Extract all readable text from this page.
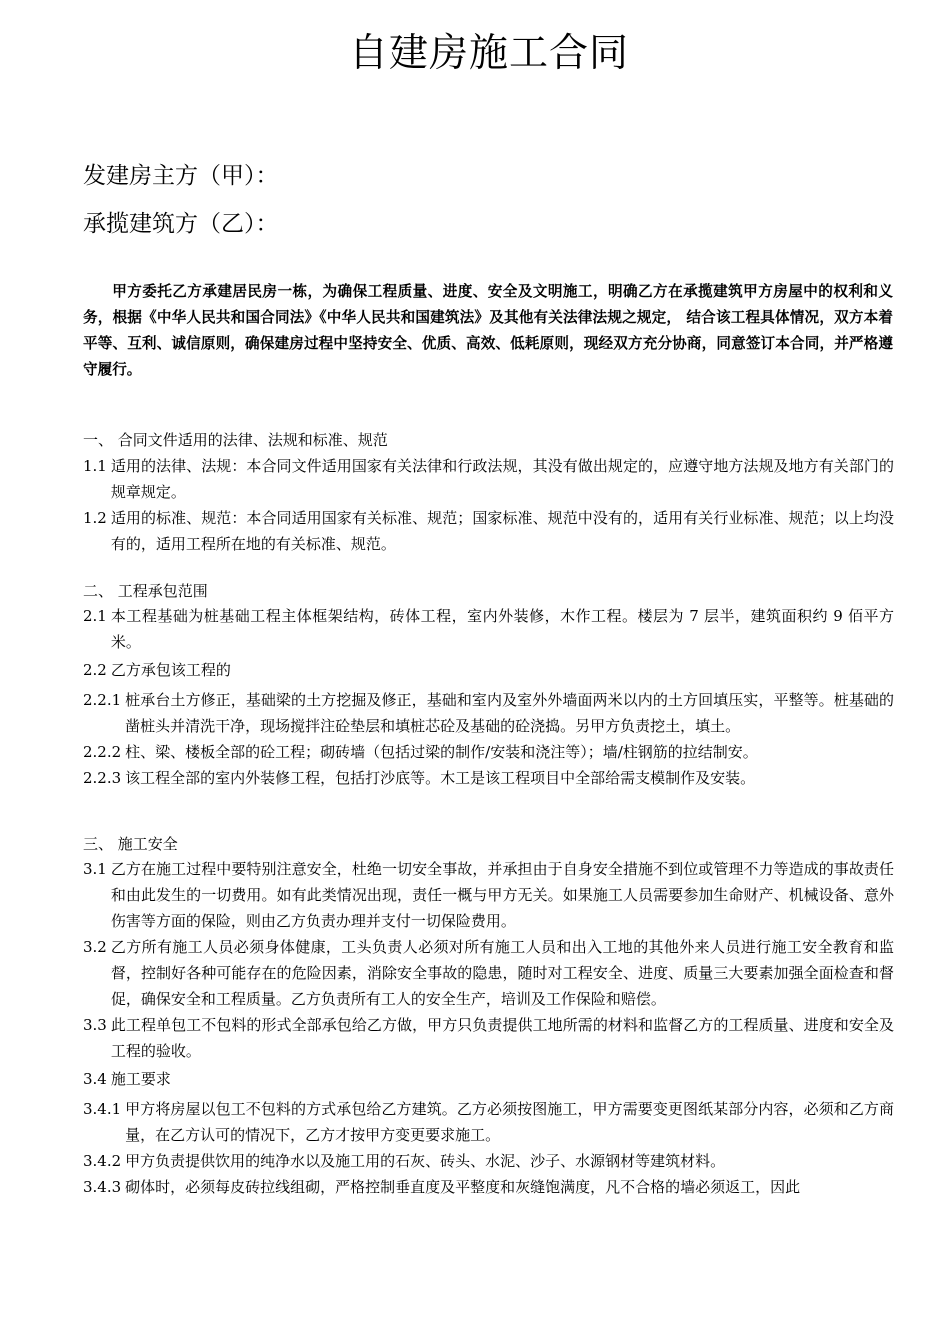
自建房施工合同
发建房主方（甲）：
承揽建筑方（乙）：
甲方委托乙方承建居民房一栋，为确保工程质量、进度、安全及文明施工，明确乙方在承揽建筑甲方房屋中的权利和义务，根据《中华人民共和国合同法》《中华人民共和国建筑法》及其他有关法律法规之规定， 结合该工程具体情况，双方本着平等、互利、诚信原则，确保建房过程中坚持安全、优质、高效、低耗原则，现经双方充分协商，同意签订本合同，并严格遵守履行。
一、 合同文件适用的法律、法规和标准、规范
1.1 适用的法律、法规：本合同文件适用国家有关法律和行政法规，其没有做出规定的，应遵守地方法规及地方有关部门的规章规定。
1.2 适用的标准、规范：本合同适用国家有关标准、规范；国家标准、规范中没有的，适用有关行业标准、规范；以上均没有的，适用工程所在地的有关标准、规范。
二、 工程承包范围
2.1 本工程基础为桩基础工程主体框架结构，砖体工程，室内外装修，木作工程。楼层为 7 层半，建筑面积约 9 佰平方米。
2.2 乙方承包该工程的
2.2.1 桩承台土方修正，基础梁的土方挖掘及修正，基础和室内及室外外墙面两米以内的土方回填压实，平整等。桩基础的凿桩头并清洗干净，现场搅拌注砼垫层和填桩芯砼及基础的砼浇捣。另甲方负责挖土，填土。
2.2.2 柱、梁、楼板全部的砼工程；砌砖墙（包括过梁的制作/安装和浇注等）；墙/柱钢筋的拉结制安。
2.2.3 该工程全部的室内外装修工程，包括打沙底等。木工是该工程项目中全部给需支模制作及安装。
三、 施工安全
3.1 乙方在施工过程中要特别注意安全，杜绝一切安全事故，并承担由于自身安全措施不到位或管理不力等造成的事故责任和由此发生的一切费用。如有此类情况出现，责任一概与甲方无关。如果施工人员需要参加生命财产、机械设备、意外伤害等方面的保险，则由乙方负责办理并支付一切保险费用。
3.2 乙方所有施工人员必须身体健康，工头负责人必须对所有施工人员和出入工地的其他外来人员进行施工安全教育和监督，控制好各种可能存在的危险因素，消除安全事故的隐患，随时对工程安全、进度、质量三大要素加强全面检查和督促，确保安全和工程质量。乙方负责所有工人的安全生产，培训及工作保险和赔偿。
3.3 此工程单包工不包料的形式全部承包给乙方做，甲方只负责提供工地所需的材料和监督乙方的工程质量、进度和安全及工程的验收。
3.4 施工要求
3.4.1 甲方将房屋以包工不包料的方式承包给乙方建筑。乙方必须按图施工，甲方需要变更图纸某部分内容，必须和乙方商量，在乙方认可的情况下，乙方才按甲方变更要求施工。
3.4.2 甲方负责提供饮用的纯净水以及施工用的石灰、砖头、水泥、沙子、水源钢材等建筑材料。
3.4.3 砌体时，必须每皮砖拉线组砌，严格控制垂直度及平整度和灰缝饱满度，凡不合格的墙必须返工，因此
